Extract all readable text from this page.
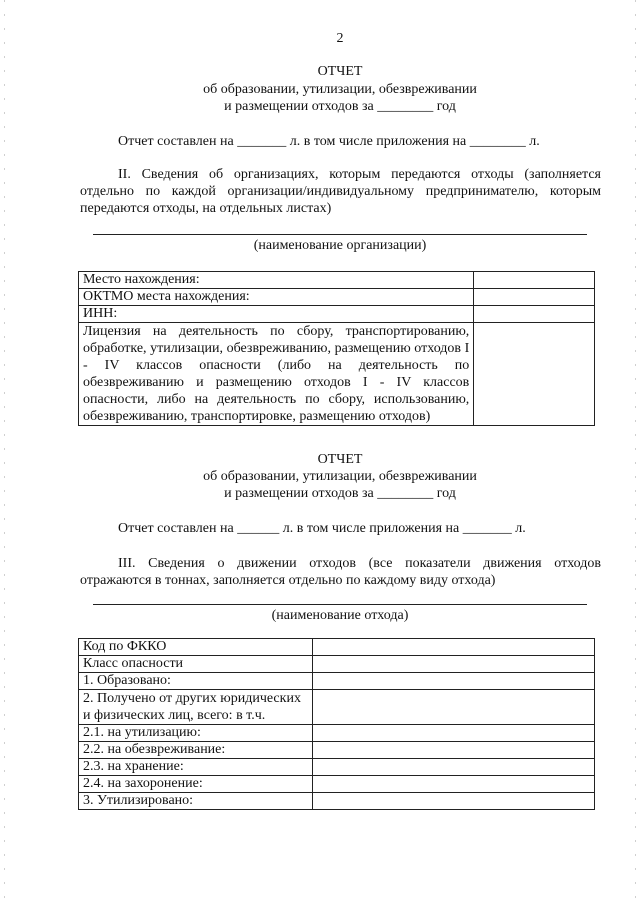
2
ОТЧЕТ
об образовании, утилизации, обезвреживании
и размещении отходов за ________ год
Отчет составлен на _______ л. в том числе приложения на ________ л.
II. Сведения об организациях, которым передаются отходы (заполняется отдельно по каждой организации/индивидуальному предпринимателю, которым передаются отходы, на отдельных листах)
(наименование организации)
Место нахождения:	
ОКТМО места нахождения:	
ИНН:	
Лицензия на деятельность по сбору, транспортированию, обработке, утилизации, обезвреживанию, размещению отходов I - IV классов опасности (либо на деятельность по обезвреживанию и размещению отходов I - IV классов опасности, либо на деятельность по сбору, использованию, обезвреживанию, транспортировке, размещению отходов)	
ОТЧЕТ
об образовании, утилизации, обезвреживании
и размещении отходов за ________ год
Отчет составлен на ______ л. в том числе приложения на _______ л.
III. Сведения о движении отходов (все показатели движения отходов отражаются в тоннах, заполняется отдельно по каждому виду отхода)
(наименование отхода)
Код по ФККО	
Класс опасности	
1. Образовано:	
2. Получено от других юридических и физических лиц, всего: в т.ч.	
2.1. на утилизацию:	
2.2. на обезвреживание:	
2.3. на хранение:	
2.4. на захоронение:	
3. Утилизировано:	
